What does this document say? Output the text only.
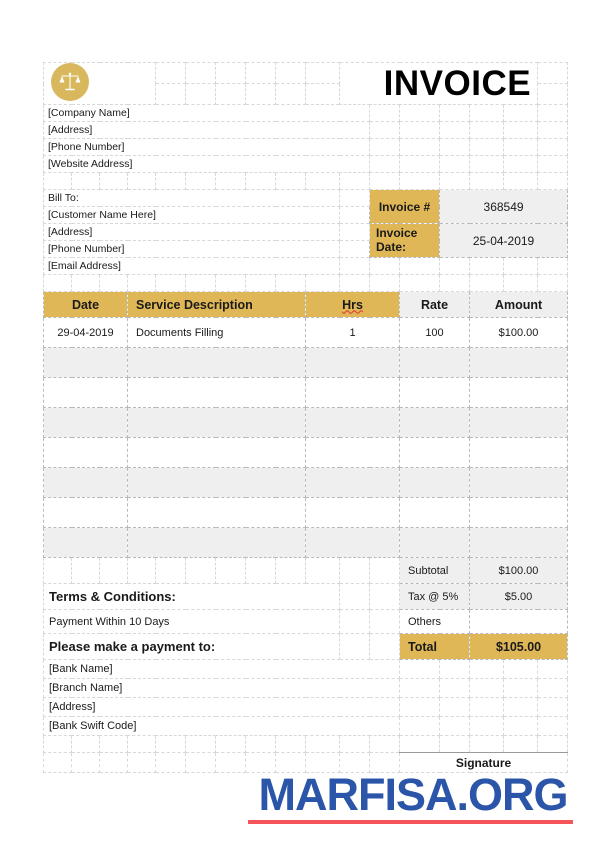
							INVOICE						

[Company Name]																
[Address]																
[Phone Number]																
[Website Address]																

Bill To:											Invoice #		368549			
[Customer Name Here]																
[Address]											Invoice Date:		25-04-2019			
[Phone Number]																
[Email Address]																

Date			Service Description						Hrs			Rate		Amount		
29-04-2019			Documents Filling						1			100		$100.00		

												Subtotal		$100.00		
Terms & Conditions:												Tax @ 5%		$5.00		
Payment Within 10 Days												Others				
Please make a payment to:												Total		$105.00		
[Bank Name]																
[Branch Name]																
[Address]																
[Bank Swift Code]																

												Signature				
MARFISA.ORG
